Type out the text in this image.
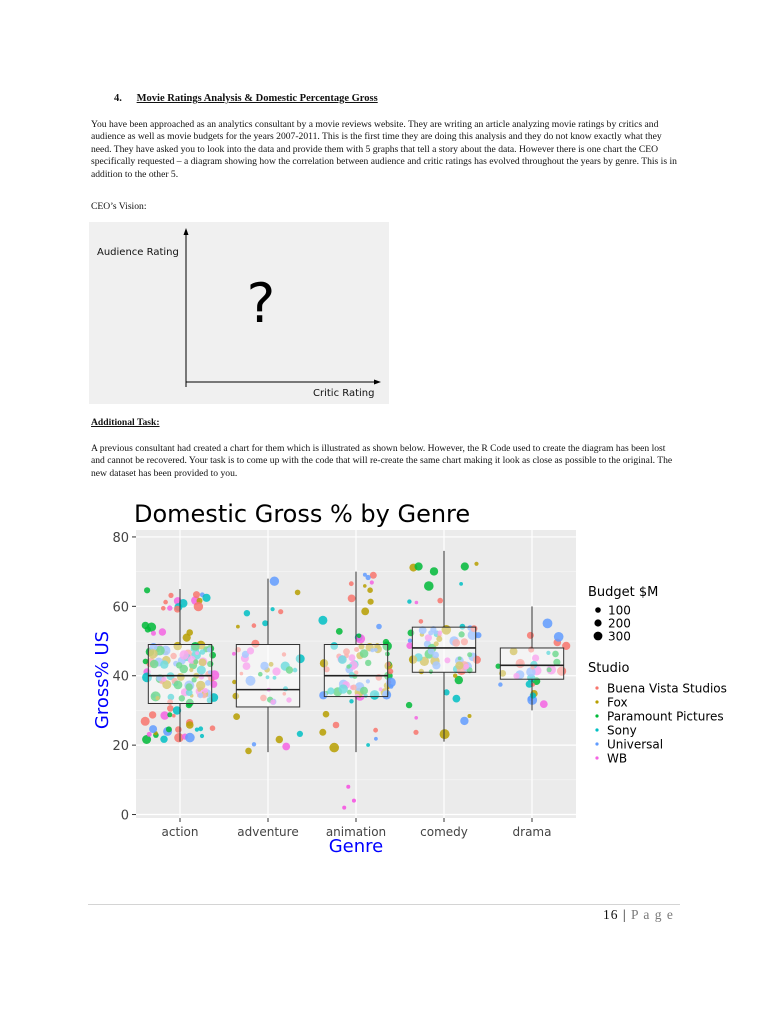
4. Movie Ratings Analysis & Domestic Percentage Gross

You have been approached as an analytics consultant by a movie reviews website. They are writing an article analyzing movie ratings by critics and audience as well as movie budgets for the years 2007-2011. This is the first time they are doing this analysis and they do not know exactly what they need. They have asked you to look into the data and provide them with 5 graphs that tell a story about the data. However there is one chart the CEO specifically requested – a diagram showing how the correlation between audience and critic ratings has evolved throughout the years by genre. This is in addition to the other 5.

CEO’s Vision:
Audience Rating
Critic Rating
?
Additional Task:

A previous consultant had created a chart for them which is illustrated as shown below. However, the R Code used to create the diagram has been lost and cannot be recovered. Your task is to come up with the code that will re-create the same chart making it look as close as possible to the original. The new dataset has been provided to you.

Domestic Gross % by Genre
0
20
40
60
80
action	adventure animation	comedy	drama
Gross% US
Genre
Budget $M
100
200
300
Studio
Buena Vista Studios
Fox
Paramount Pictures
Sony
Universal
WB
16 | P a g e
